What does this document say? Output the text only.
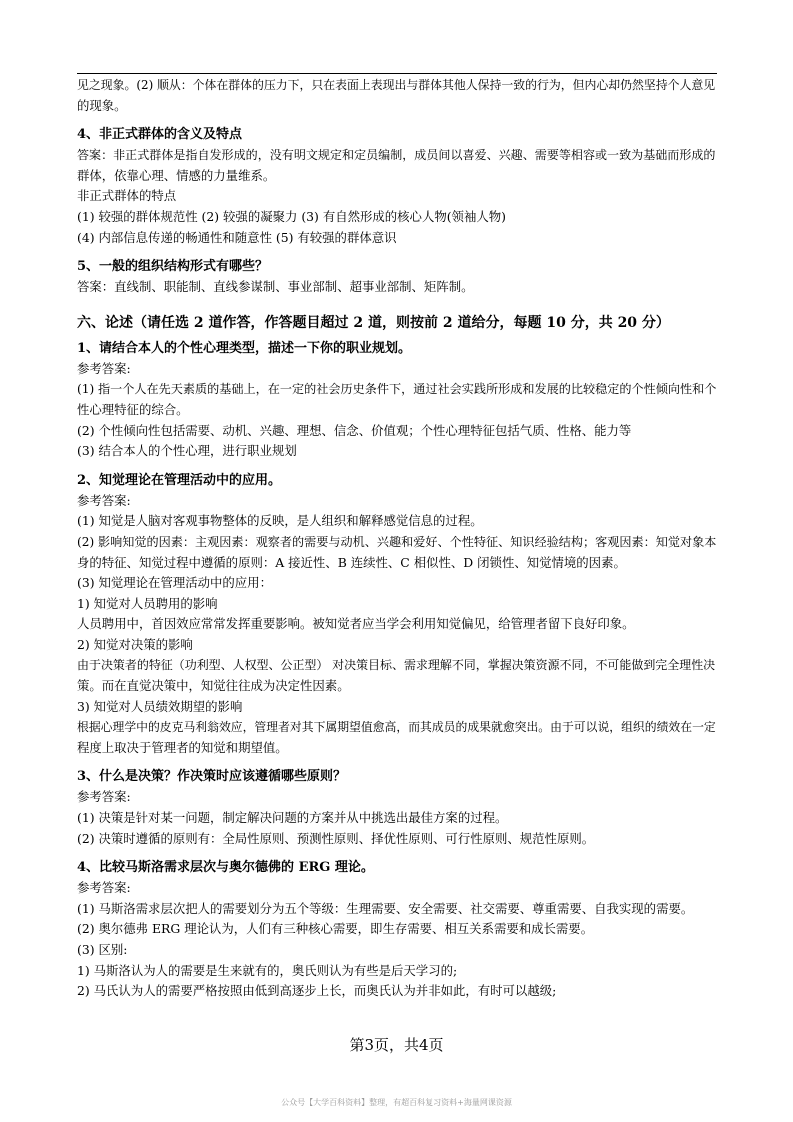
见之现象。(2) 顺从：个体在群体的压力下，只在表面上表现出与群体其他人保持一致的行为，但内心却仍然坚持个人意见

的现象。

4、非正式群体的含义及特点

答案：非正式群体是指自发形成的，没有明文规定和定员编制，成员间以喜爱、兴趣、需要等相容或一致为基础而形成的

群体，依靠心理、情感的力量维系。

非正式群体的特点

(1) 较强的群体规范性 (2) 较强的凝聚力 (3) 有自然形成的核心人物(领袖人物)

(4) 内部信息传递的畅通性和随意性 (5) 有较强的群体意识

5、一般的组织结构形式有哪些？

答案：直线制、职能制、直线参谋制、事业部制、超事业部制、矩阵制。

六、论述（请任选 2 道作答，作答题目超过 2 道，则按前 2 道给分，每题 10 分，共 20 分）

1、请结合本人的个性心理类型，描述一下你的职业规划。

参考答案:

(1) 指一个人在先天素质的基础上，在一定的社会历史条件下，通过社会实践所形成和发展的比较稳定的个性倾向性和个

性心理特征的综合。

(2) 个性倾向性包括需要、动机、兴趣、理想、信念、价值观；个性心理特征包括气质、性格、能力等

(3) 结合本人的个性心理，进行职业规划

2、知觉理论在管理活动中的应用。

参考答案:

(1) 知觉是人脑对客观事物整体的反映，是人组织和解释感觉信息的过程。

(2) 影响知觉的因素：主观因素：观察者的需要与动机、兴趣和爱好、个性特征、知识经验结构；客观因素：知觉对象本

身的特征、知觉过程中遵循的原则：A 接近性、B 连续性、C 相似性、D 闭锁性、知觉情境的因素。

(3) 知觉理论在管理活动中的应用：

1) 知觉对人员聘用的影响

人员聘用中，首因效应常常发挥重要影响。被知觉者应当学会利用知觉偏见，给管理者留下良好印象。

2) 知觉对决策的影响

由于决策者的特征（功利型、人权型、公正型） 对决策目标、需求理解不同，掌握决策资源不同，不可能做到完全理性决

策。而在直觉决策中，知觉往往成为决定性因素。

3) 知觉对人员绩效期望的影响

根据心理学中的皮克马利翁效应，管理者对其下属期望值愈高，而其成员的成果就愈突出。由于可以说，组织的绩效在一定

程度上取决于管理者的知觉和期望值。

3、什么是决策？作决策时应该遵循哪些原则？

参考答案:

(1) 决策是针对某一问题，制定解决问题的方案并从中挑选出最佳方案的过程。

(2) 决策时遵循的原则有：全局性原则、预测性原则、择优性原则、可行性原则、规范性原则。

4、比较马斯洛需求层次与奥尔德佛的 ERG 理论。

参考答案:

(1) 马斯洛需求层次把人的需要划分为五个等级：生理需要、安全需要、社交需要、尊重需要、自我实现的需要。

(2) 奥尔德弗 ERG 理论认为，人们有三种核心需要，即生存需要、相互关系需要和成长需要。

(3) 区别:

1) 马斯洛认为人的需要是生来就有的，奥氏则认为有些是后天学习的;

2) 马氏认为人的需要严格按照由低到高逐步上长，而奥氏认为并非如此，有时可以越级;

第3页，共4页
公众号【大学百科资料】整理，有超百科复习资料+海量网课资源
